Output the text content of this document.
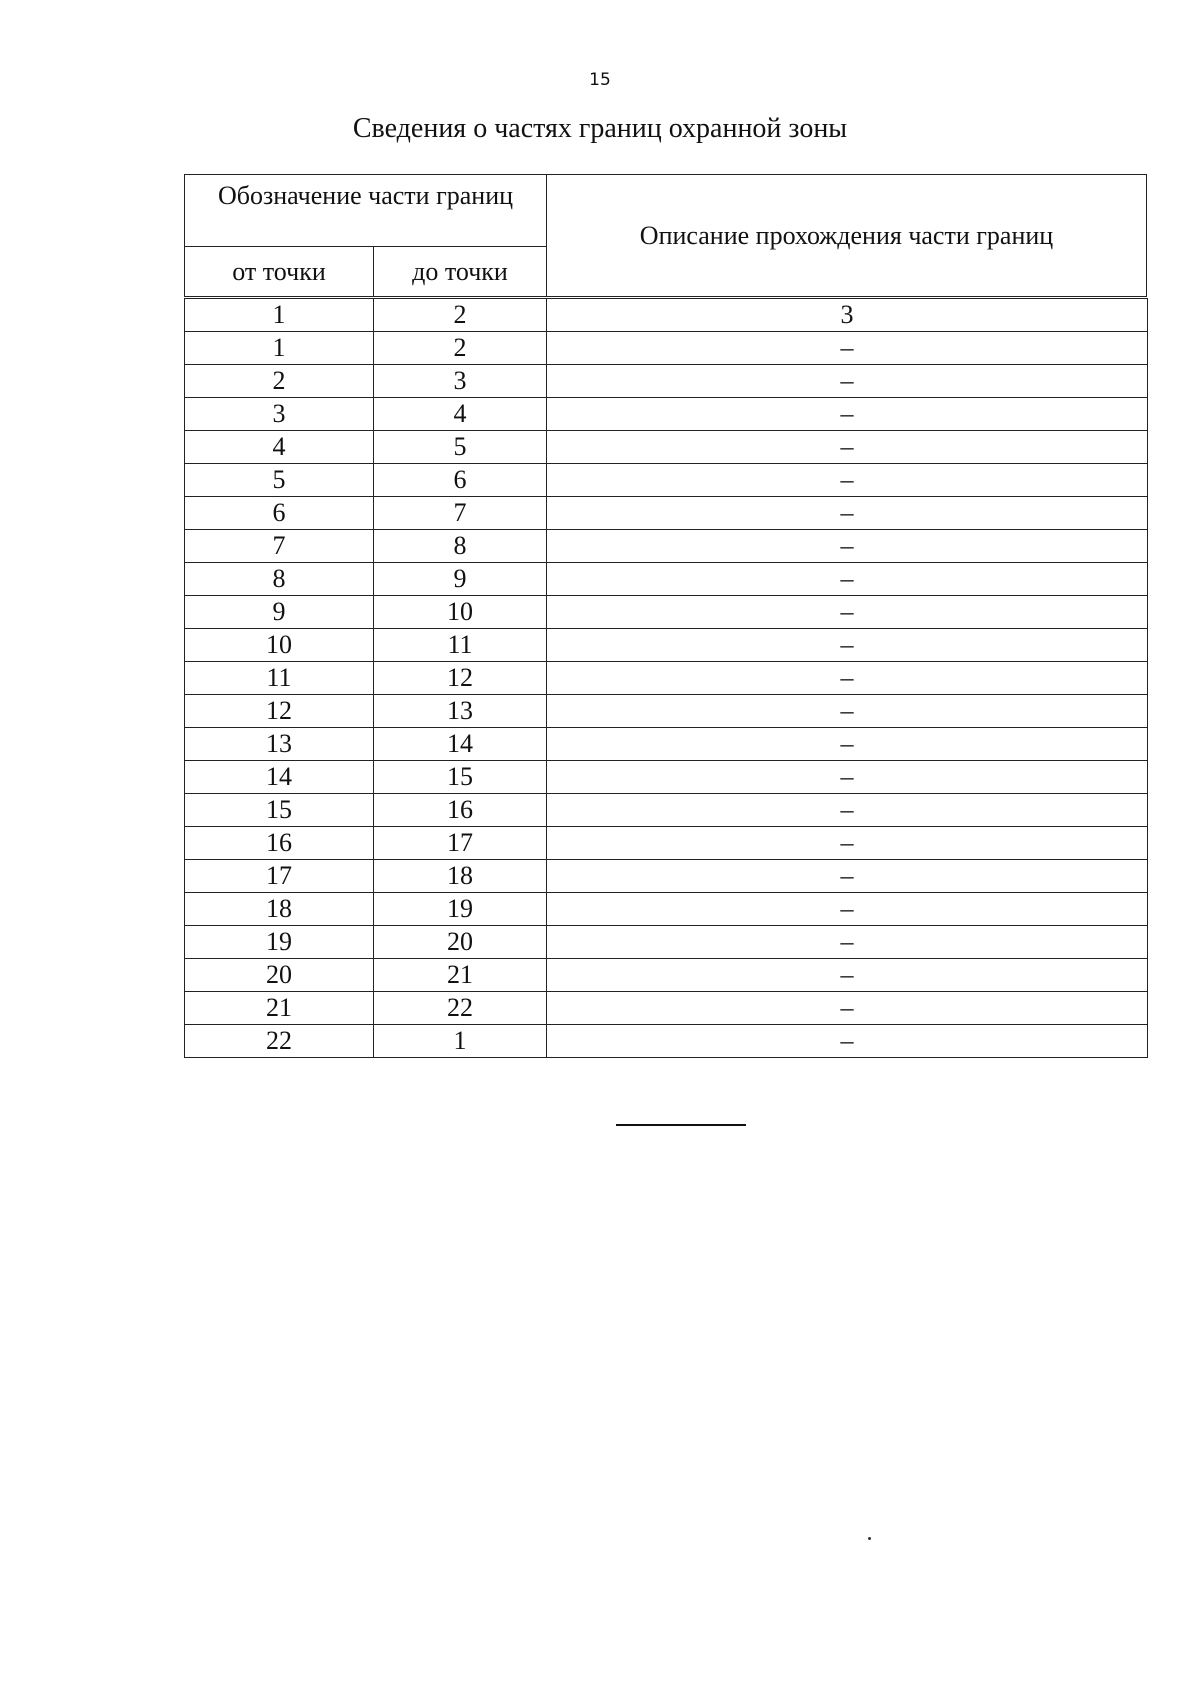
15
Сведения о частях границ охранной зоны
Обозначение части границ		Описание прохождения части границ
от точки	до точки	
1	2	3
1	2	–
2	3	–
3	4	–
4	5	–
5	6	–
6	7	–
7	8	–
8	9	–
9	10	–
10	11	–
11	12	–
12	13	–
13	14	–
14	15	–
15	16	–
16	17	–
17	18	–
18	19	–
19	20	–
20	21	–
21	22	–
22	1	–
